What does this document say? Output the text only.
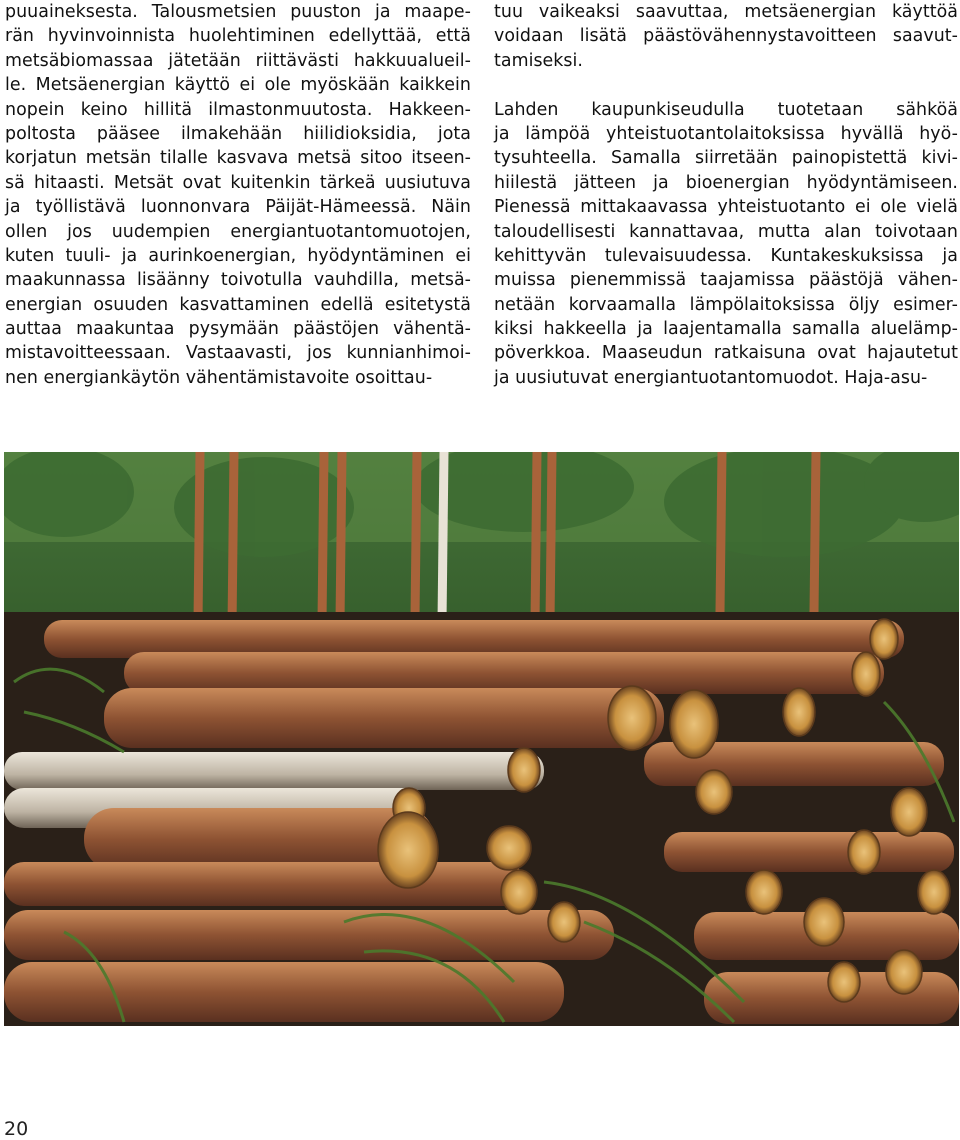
puuaineksesta. Talousmetsien puuston ja maape-
rän hyvinvoinnista huolehtiminen edellyttää, että
metsäbiomassaa jätetään riittävästi hakkuualueil-
le. Metsäenergian käyttö ei ole myöskään kaikkein
nopein keino hillitä ilmastonmuutosta. Hakkeen-
poltosta pääsee ilmakehään hiilidioksidia, jota
korjatun metsän tilalle kasvava metsä sitoo itseen-
sä hitaasti. Metsät ovat kuitenkin tärkeä uusiutuva
ja työllistävä luonnonvara Päijät-Hämeessä. Näin
ollen jos uudempien energiantuotantomuotojen,
kuten tuuli- ja aurinkoenergian, hyödyntäminen ei
maakunnassa lisäänny toivotulla vauhdilla, metsä-
energian osuuden kasvattaminen edellä esitetystä
auttaa maakuntaa pysymään päästöjen vähentä-
mistavoitteessaan. Vastaavasti, jos kunnianhimoi-
nen energiankäytön vähentämistavoite osoittau-
tuu vaikeaksi saavuttaa, metsäenergian käyttöä
voidaan lisätä päästövähennystavoitteen saavut-
tamiseksi.
Lahden kaupunkiseudulla tuotetaan sähköä
ja lämpöä yhteistuotantolaitoksissa hyvällä hyö-
tysuhteella. Samalla siirretään painopistettä kivi-
hiilestä jätteen ja bioenergian hyödyntämiseen.
Pienessä mittakaavassa yhteistuotanto ei ole vielä
taloudellisesti kannattavaa, mutta alan toivotaan
kehittyvän tulevaisuudessa. Kuntakeskuksissa ja
muissa pienemmissä taajamissa päästöjä vähen-
netään korvaamalla lämpölaitoksissa öljy esimer-
kiksi hakkeella ja laajentamalla samalla aluelämp-
pöverkkoa. Maaseudun ratkaisuna ovat hajautetut
ja uusiutuvat energiantuotantomuodot. Haja-asu-
20
